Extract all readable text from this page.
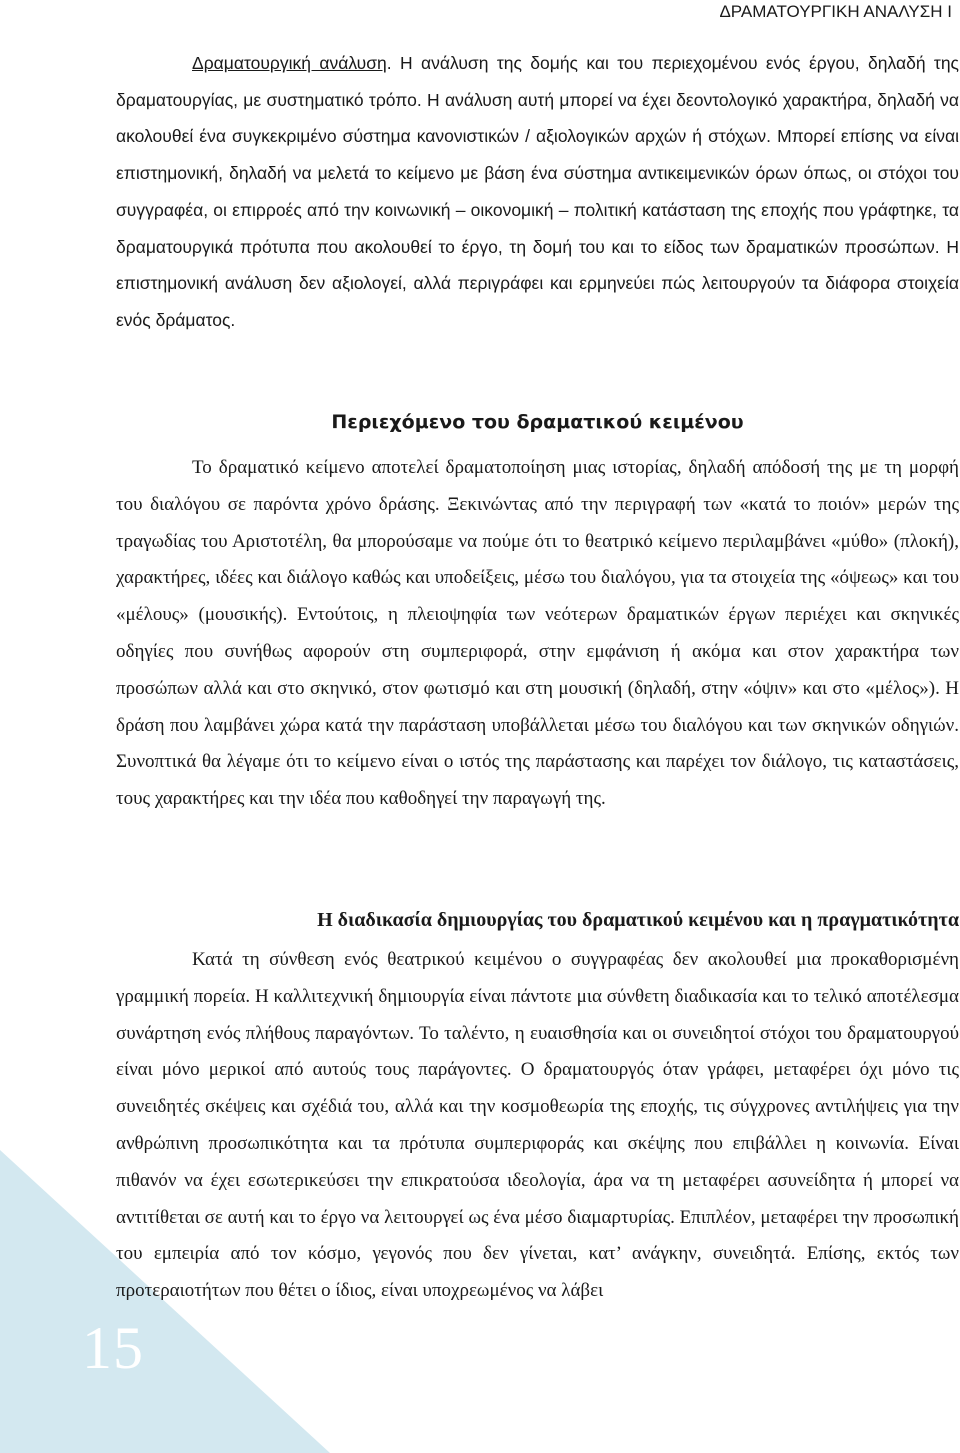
15
ΔΡΑΜΑΤΟΥΡΓΙΚΗ ΑΝΑΛΥΣΗ Ι

Δραματουργική ανάλυση. Η ανάλυση της δομής και του περιεχομένου ενός έργου, δηλαδή της δραματουργίας, με συστηματικό τρόπο. Η ανάλυση αυτή μπορεί να έχει δεοντολογικό χαρακτήρα, δηλαδή να ακολουθεί ένα συγκεκριμένο σύστημα κανονιστικών / αξιολογικών αρχών ή στόχων. Μπορεί επίσης να είναι επιστημονική, δηλαδή να μελετά το κείμενο με βάση ένα σύστημα αντικειμενικών όρων όπως, οι στόχοι του συγγραφέα, οι επιρροές από την κοινωνική – οικονομική – πολιτική κατάσταση της εποχής που γράφτηκε, τα δραματουργικά πρότυπα που ακολουθεί το έργο, τη δομή του και το είδος των δραματικών προσώπων. Η επιστημονική ανάλυση δεν αξιολογεί, αλλά περιγράφει και ερμηνεύει πώς λειτουργούν τα διάφορα στοιχεία ενός δράματος.

Περιεχόμενο του δραματικού κειμένου

Το δραματικό κείμενο αποτελεί δραματοποίηση μιας ιστορίας, δηλαδή απόδοσή της με τη μορφή του διαλόγου σε παρόντα χρόνο δράσης. Ξεκινώντας από την περιγραφή των «κατά το ποιόν» μερών της τραγωδίας του Αριστοτέλη, θα μπορούσαμε να πούμε ότι το θεατρικό κείμενο περιλαμβάνει «μύθο» (πλοκή), χαρακτήρες, ιδέες και διάλογο καθώς και υποδείξεις, μέσω του διαλόγου, για τα στοιχεία της «όψεως» και του «μέλους» (μουσικής). Εντούτοις, η πλειοψηφία των νεότερων δραματικών έργων περιέχει και σκηνικές οδηγίες που συνήθως αφορούν στη συμπεριφορά, στην εμφάνιση ή ακόμα και στον χαρακτήρα των προσώπων αλλά και στο σκηνικό, στον φωτισμό και στη μουσική (δηλαδή, στην «όψιν» και στο «μέλος»). Η δράση που λαμβάνει χώρα κατά την παράσταση υποβάλλεται μέσω του διαλόγου και των σκηνικών οδηγιών. Συνοπτικά θα λέγαμε ότι το κείμενο είναι ο ιστός της παράστασης και παρέχει τον διάλογο, τις καταστάσεις, τους χαρακτήρες και την ιδέα που καθοδηγεί την παραγωγή της.

Η διαδικασία δημιουργίας του δραματικού κειμένου και η πραγματικότητα

Κατά τη σύνθεση ενός θεατρικού κειμένου ο συγγραφέας δεν ακολουθεί μια προκαθορισμένη γραμμική πορεία. Η καλλιτεχνική δημιουργία είναι πάντοτε μια σύνθετη διαδικασία και το τελικό αποτέλεσμα συνάρτηση ενός πλήθους παραγόντων. Το ταλέντο, η ευαισθησία και οι συνειδητοί στόχοι του δραματουργού είναι μόνο μερικοί από αυτούς τους παράγοντες. Ο δραματουργός όταν γράφει, μεταφέρει όχι μόνο τις συνειδητές σκέψεις και σχέδιά του, αλλά και την κοσμοθεωρία της εποχής, τις σύγχρονες αντιλήψεις για την ανθρώπινη προσωπικότητα και τα πρότυπα συμπεριφοράς και σκέψης που επιβάλλει η κοινωνία. Είναι πιθανόν να έχει εσωτερικεύσει την επικρατούσα ιδεολογία, άρα να τη μεταφέρει ασυνείδητα ή μπορεί να αντιτίθεται σε αυτή και το έργο να λειτουργεί ως ένα μέσο διαμαρτυρίας. Επιπλέον, μεταφέρει την προσωπική του εμπειρία από τον κόσμο, γεγονός που δεν γίνεται, κατ’ ανάγκην, συνειδητά. Επίσης, εκτός των προτεραιοτήτων που θέτει ο ίδιος, είναι υποχρεωμένος να λάβει
